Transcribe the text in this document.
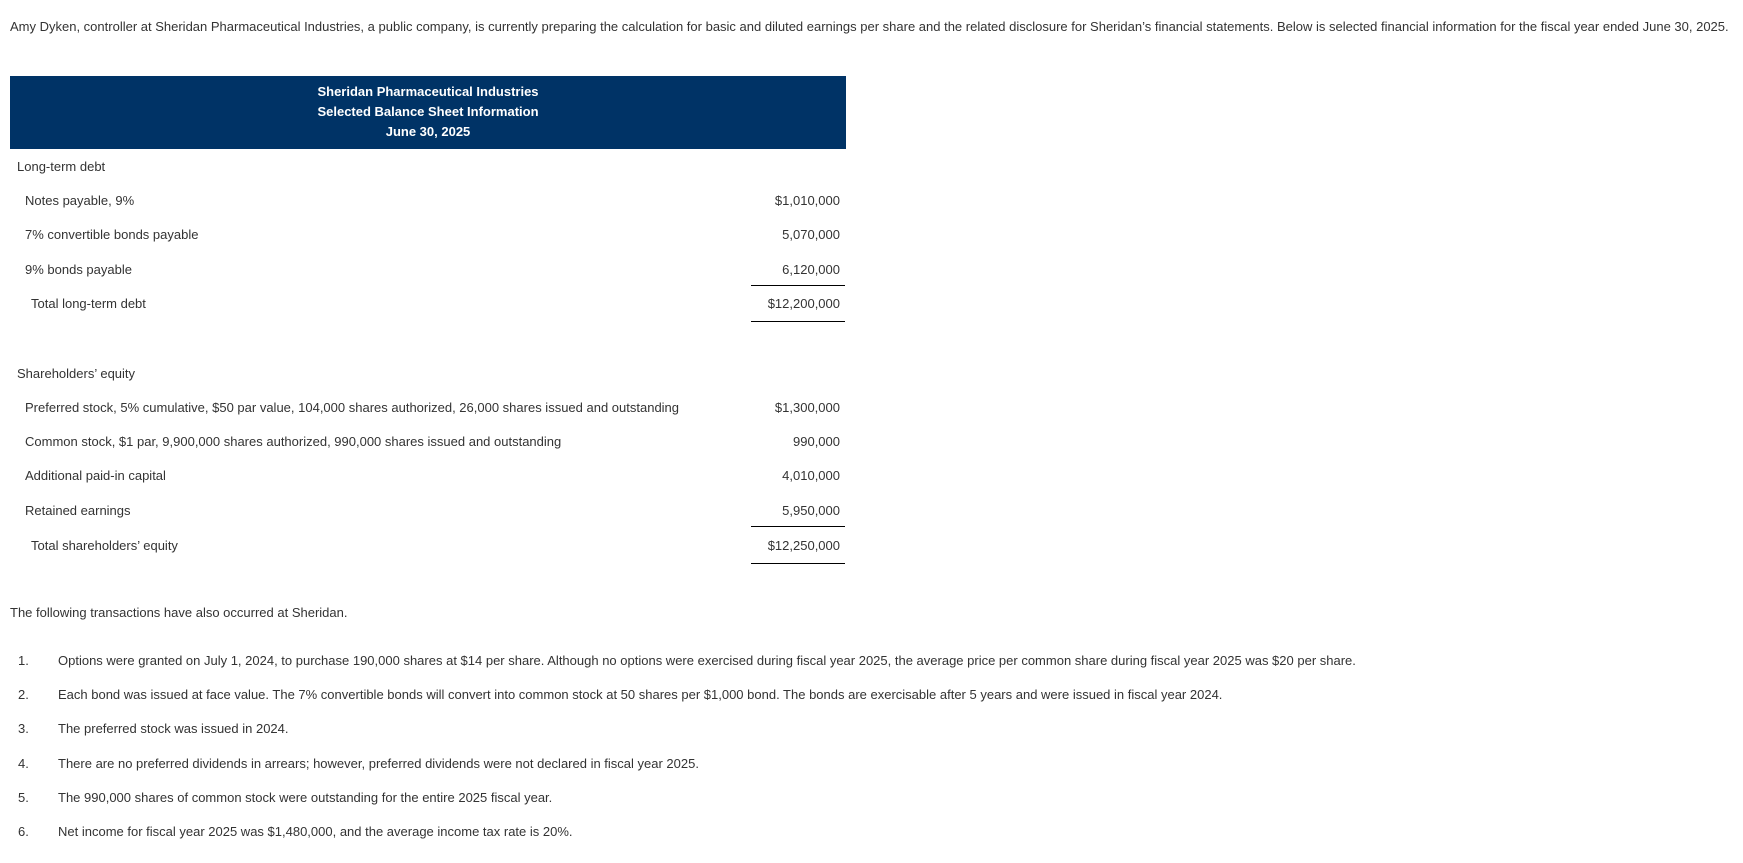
Amy Dyken, controller at Sheridan Pharmaceutical Industries, a public company, is currently preparing the calculation for basic and diluted earnings per share and the related disclosure for Sheridan’s financial statements. Below is selected financial information for the fiscal year ended June 30, 2025.
Sheridan Pharmaceutical Industries
Selected Balance Sheet Information
June 30, 2025
Long-term debt
Notes payable, 9%	$1,010,000
7% convertible bonds payable	5,070,000
9% bonds payable	6,120,000
Total long-term debt	$12,200,000
Shareholders’ equity
Preferred stock, 5% cumulative, $50 par value, 104,000 shares authorized, 26,000 shares issued and outstanding	$1,300,000
Common stock, $1 par, 9,900,000 shares authorized, 990,000 shares issued and outstanding	990,000
Additional paid-in capital	4,010,000
Retained earnings	5,950,000
Total shareholders’ equity	$12,250,000
The following transactions have also occurred at Sheridan.
1. Options were granted on July 1, 2024, to purchase 190,000 shares at $14 per share. Although no options were exercised during fiscal year 2025, the average price per common share during fiscal year 2025 was $20 per share.
2. Each bond was issued at face value. The 7% convertible bonds will convert into common stock at 50 shares per $1,000 bond. The bonds are exercisable after 5 years and were issued in fiscal year 2024.
3. The preferred stock was issued in 2024.
4. There are no preferred dividends in arrears; however, preferred dividends were not declared in fiscal year 2025.
5. The 990,000 shares of common stock were outstanding for the entire 2025 fiscal year.
6. Net income for fiscal year 2025 was $1,480,000, and the average income tax rate is 20%.
